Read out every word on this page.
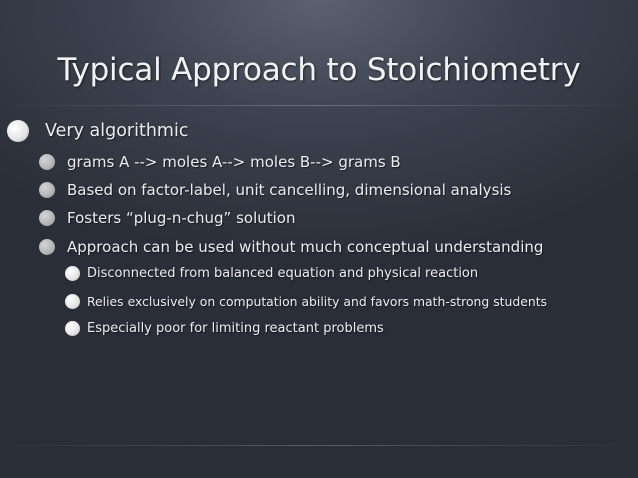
Typical Approach to Stoichiometry
Very algorithmic
grams A --> moles A--> moles B--> grams B
Based on factor-label, unit cancelling, dimensional analysis
Fosters “plug-n-chug” solution
Approach can be used without much conceptual understanding
Disconnected from balanced equation and physical reaction
Relies exclusively on computation ability and favors math-strong students
Especially poor for limiting reactant problems
